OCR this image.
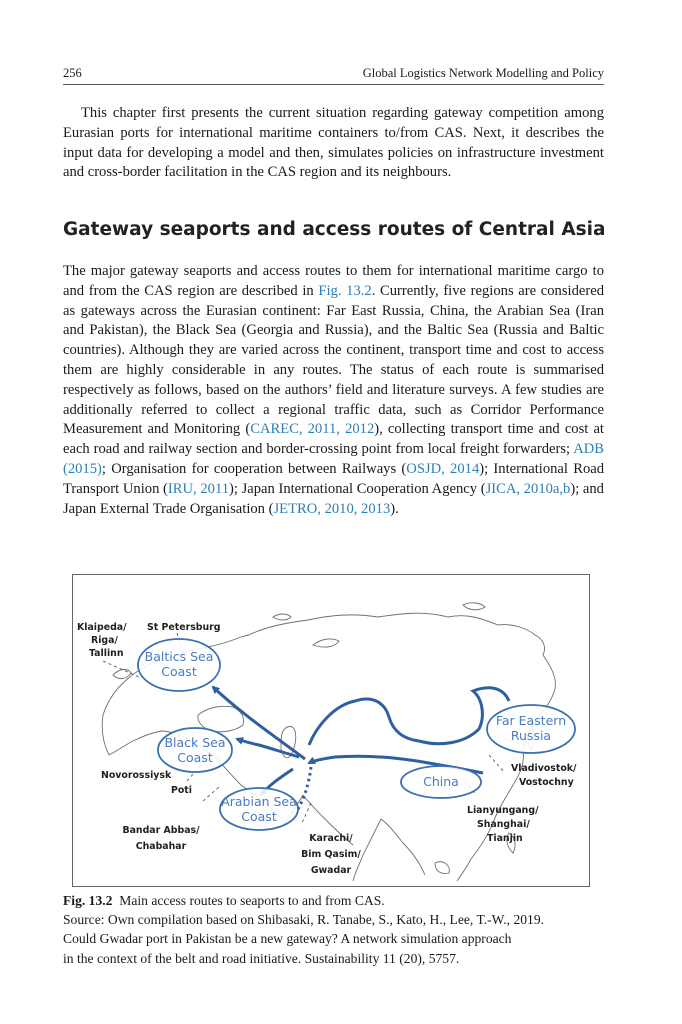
256	Global Logistics Network Modelling and Policy

This chapter first presents the current situation regarding gateway competition among Eurasian ports for international maritime containers to/from CAS. Next, it describes the input data for developing a model and then, simulates policies on infrastructure investment and cross-border facilitation in the CAS region and its neighbours.

Gateway seaports and access routes of Central Asia

The major gateway seaports and access routes to them for international maritime cargo to and from the CAS region are described in Fig. 13.2. Currently, five regions are considered as gateways across the Eurasian continent: Far East Russia, China, the Arabian Sea (Iran and Pakistan), the Black Sea (Georgia and Russia), and the Baltic Sea (Russia and Baltic countries). Although they are varied across the continent, transport time and cost to access them are highly considerable in any routes. The status of each route is summarised respectively as follows, based on the authors’ field and literature surveys. A few studies are additionally referred to collect a regional traffic data, such as Corridor Performance Measurement and Monitoring (CAREC, 2011, 2012), collecting transport time and cost at each road and railway section and border-crossing point from local freight forwarders; ADB (2015); Organisation for cooperation between Railways (OSJD, 2014); International Road Transport Union (IRU, 2011); Japan International Cooperation Agency (JICA, 2010a,b); and Japan External Trade Organisation (JETRO, 2010, 2013).

Baltics Sea Coast
Black Sea Coast
Arabian Sea Coast
China
Far Eastern Russia
Klaipeda/ Riga/ Tallinn
St Petersburg
Novorossiysk
Poti
Bandar Abbas/ Chabahar
Karachi/ Bim Qasim/ Gwadar
Vladivostok/ Vostochny
Lianyungang/ Shanghai/ Tianjin

Fig. 13.2 Main access routes to seaports to and from CAS.
Source: Own compilation based on Shibasaki, R. Tanabe, S., Kato, H., Lee, T.-W., 2019.
Could Gwadar port in Pakistan be a new gateway? A network simulation approach
in the context of the belt and road initiative. Sustainability 11 (20), 5757.
